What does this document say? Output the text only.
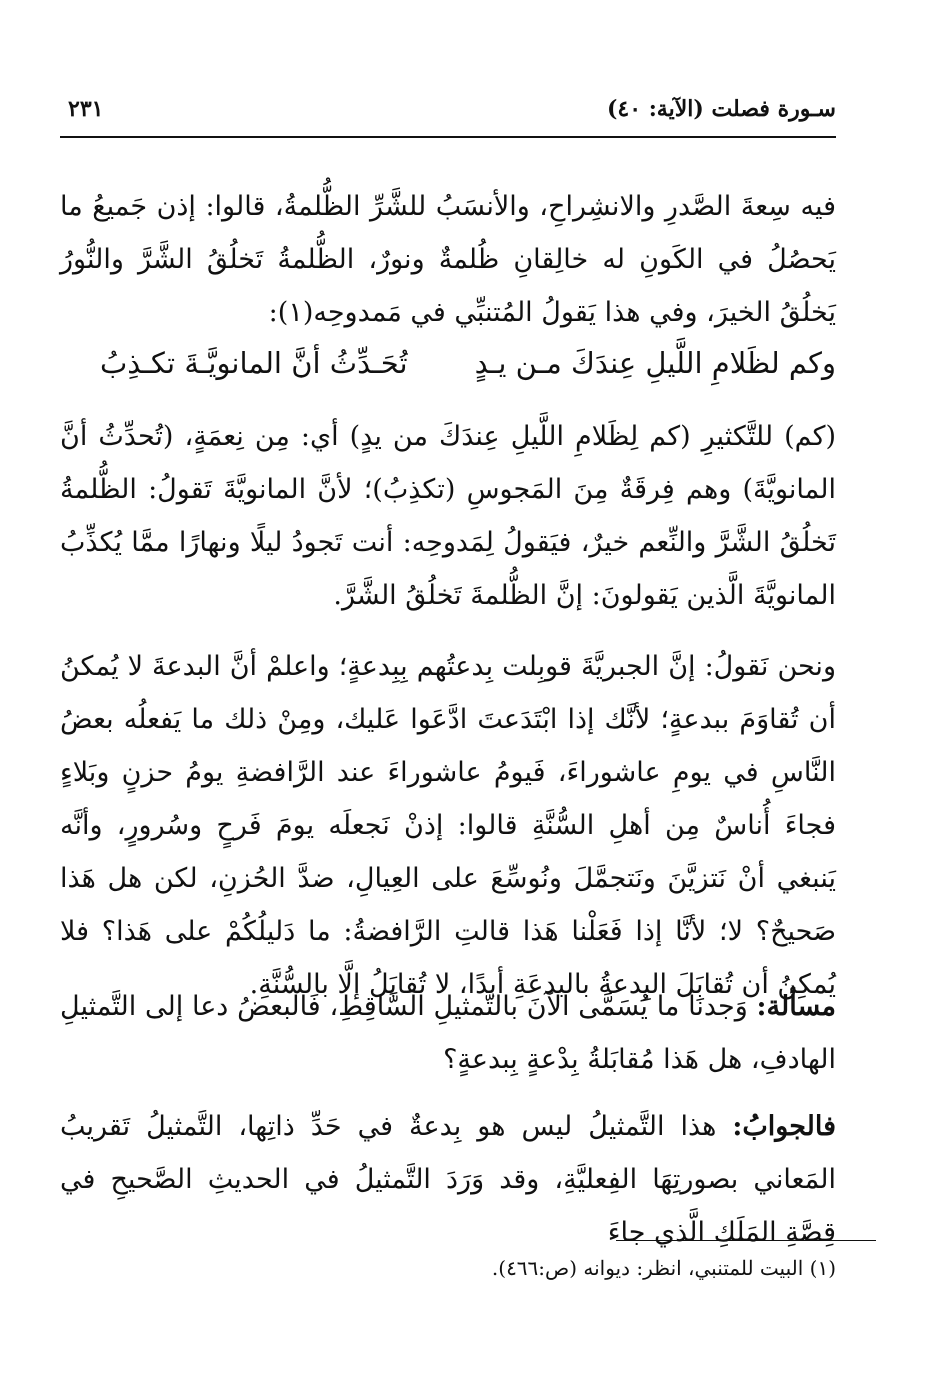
سـورة فصلت (الآية: ٤٠)
٢٣١
فيه سِعةَ الصَّدرِ والانشِراحِ، والأنسَبُ للشَّرِّ الظُّلمةُ، قالوا: إذن جَميعُ ما يَحصُلُ في الكَونِ له خالِقانِ ظُلمةٌ ونورٌ، الظُّلمةُ تَخلُقُ الشَّرَّ والنُّورُ يَخلُقُ الخيرَ، وفي هذا يَقولُ المُتنبِّي في مَمدوحِه(١):
وكم لظَلامِ اللَّيلِ عِندَكَ مـن يـدٍ
تُحَـدِّثُ أنَّ المانويَّـةَ تكـذِبُ
(كم) للتَّكثيرِ (كم لِظَلامِ اللَّيلِ عِندَكَ من يدٍ) أي: مِن نِعمَةٍ، (تُحدِّثُ أنَّ المانويَّةَ) وهم فِرقَةٌ مِنَ المَجوسِ (تكذِبُ)؛ لأنَّ المانويَّةَ تَقولُ: الظُّلمةُ تَخلُقُ الشَّرَّ والنِّعم خيرٌ، فيَقولُ لِمَدوحِه: أنت تَجودُ ليلًا ونهارًا ممَّا يُكذِّبُ المانويَّةَ الَّذين يَقولونَ: إنَّ الظُّلمةَ تَخلُقُ الشَّرَّ.
ونحن نَقولُ: إنَّ الجبريَّةَ قوبِلت بِدعتُهم بِبِدعةٍ؛ واعلمْ أنَّ البدعةَ لا يُمكنُ أن تُقاوَمَ ببدعةٍ؛ لأنَّك إذا ابْتَدَعتَ ادَّعَوا عَليك، ومِنْ ذلك ما يَفعلُه بعضُ النَّاسِ في يومِ عاشوراءَ، فَيومُ عاشوراءَ عند الرَّافضةِ يومُ حزنٍ وبَلاءٍ فجاءَ أُناسٌ مِن أهلِ السُّنَّةِ قالوا: إذنْ نَجعلَه يومَ فَرحٍ وسُرورٍ، وأنَّه يَنبغي أنْ نَتزيَّنَ ونَتجمَّلَ ونُوسِّعَ على العِيالِ، ضدَّ الحُزنِ، لكن هل هَذا صَحيحٌ؟ لا؛ لأنَّا إذا فَعَلْنا هَذا قالتِ الرَّافضةُ: ما دَليلُكُمْ على هَذا؟ فلا يُمكِنُ أن تُقابَلَ البِدعةُ بالبدعَةِ أبدًا، لا تُقابَلُ إلَّا بالسُّنَّةِ.
مسألة: وَجدنَا ما يُسَمَّى الآنَ بالتَّمثيلِ السَّاقِطِ، فَالبعضُ دعا إلى التَّمثيلِ الهادفِ، هل هَذا مُقابَلةُ بِدْعةٍ بِبدعةٍ؟
فالجوابُ: هذا التَّمثيلُ ليس هو بِدعةٌ في حَدِّ ذاتِها، التَّمثيلُ تَقريبُ المَعاني بصورتِهَا الفِعليَّةِ، وقد وَرَدَ التَّمثيلُ في الحديثِ الصَّحيحِ في قِصَّةِ المَلَكِ الَّذي جاءَ
(١) البيت للمتنبي، انظر: ديوانه (ص:٤٦٦).
